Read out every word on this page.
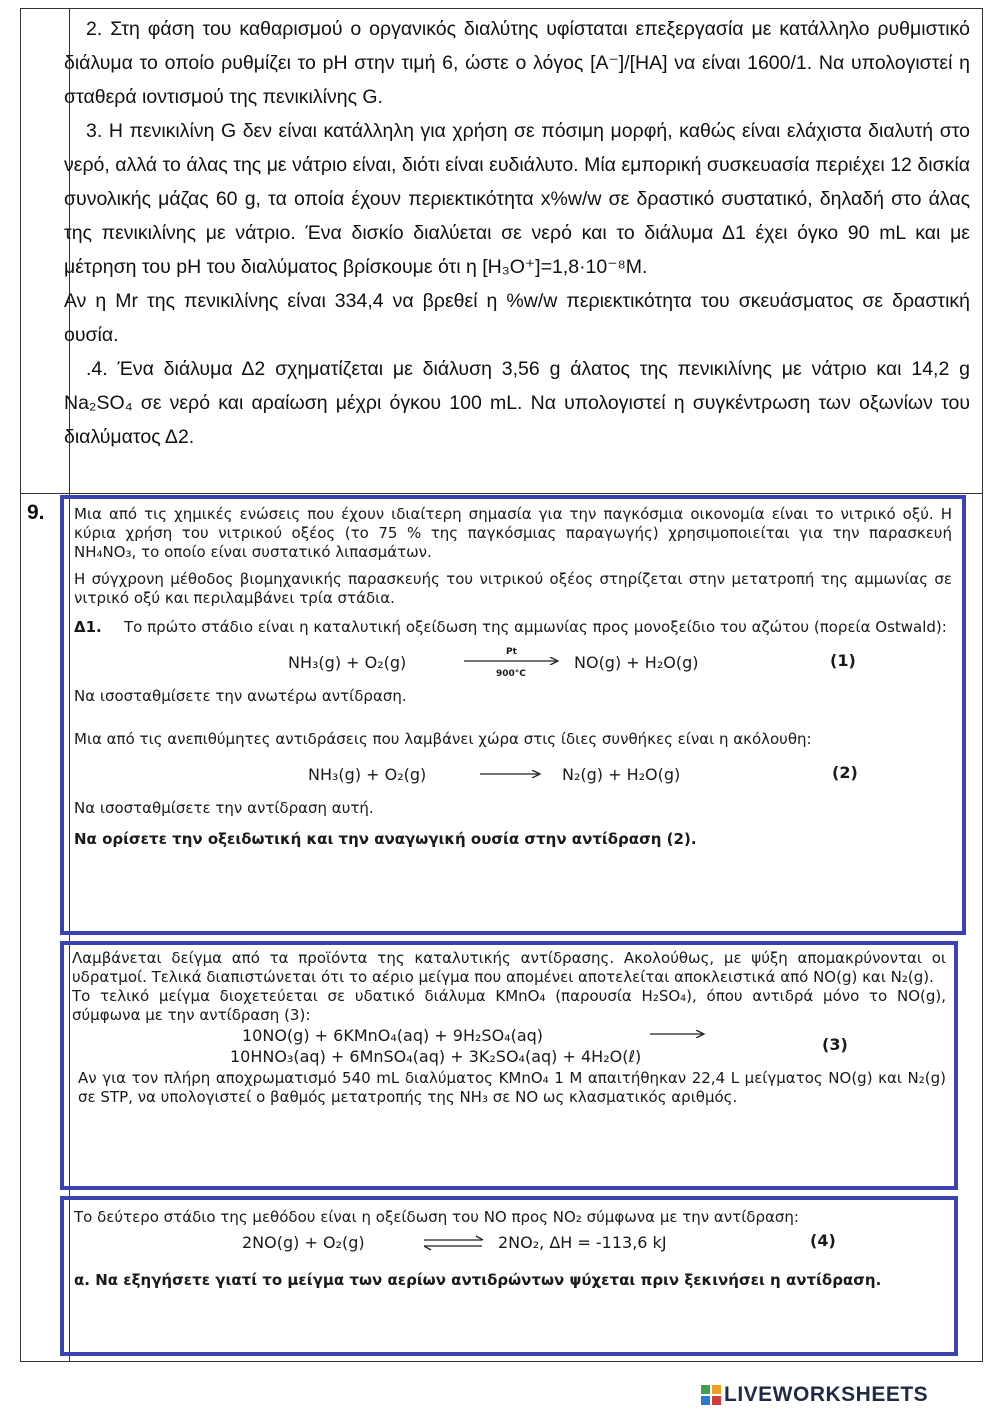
9.

2. Στη φάση του καθαρισμού ο οργανικός διαλύτης υφίσταται επεξεργασία με κατάλληλο ρυθμιστικό διάλυμα το οποίο ρυθμίζει το pH στην τιμή 6, ώστε ο λόγος [A⁻]/[HA] να είναι 1600/1. Να υπολογιστεί η σταθερά ιοντισμού της πενικιλίνης G.

3. Η πενικιλίνη G δεν είναι κατάλληλη για χρήση σε πόσιμη μορφή, καθώς είναι ελάχιστα διαλυτή στο νερό, αλλά το άλας της με νάτριο είναι, διότι είναι ευδιάλυτο. Μία εμπορική συσκευασία περιέχει 12 δισκία συνολικής μάζας 60 g, τα οποία έχουν περιεκτικότητα x%w/w σε δραστικό συστατικό, δηλαδή στο άλας της πενικιλίνης με νάτριο. Ένα δισκίο διαλύεται σε νερό και το διάλυμα Δ1 έχει όγκο 90 mL και με μέτρηση του pH του διαλύματος βρίσκουμε ότι η [H₃O⁺]=1,8·10⁻⁸M.

Αν η Mr της πενικιλίνης είναι 334,4 να βρεθεί η %w/w περιεκτικότητα του σκευάσματος σε δραστική ουσία.

.4. Ένα διάλυμα Δ2 σχηματίζεται με διάλυση 3,56 g άλατος της πενικιλίνης με νάτριο και 14,2 g Na₂SO₄ σε νερό και αραίωση μέχρι όγκου 100 mL. Να υπολογιστεί η συγκέντρωση των οξωνίων του διαλύματος Δ2.

Μια από τις χημικές ενώσεις που έχουν ιδιαίτερη σημασία για την παγκόσμια οικονομία είναι το νιτρικό οξύ. Η κύρια χρήση του νιτρικού οξέος (το 75 % της παγκόσμιας παραγωγής) χρησιμοποιείται για την παρασκευή NH₄NO₃, το οποίο είναι συστατικό λιπασμάτων.

Η σύγχρονη μέθοδος βιομηχανικής παρασκευής του νιτρικού οξέος στηρίζεται στην μετατροπή της αμμωνίας σε νιτρικό οξύ και περιλαμβάνει τρία στάδια.

Δ1.	Το πρώτο στάδιο είναι η καταλυτική οξείδωση της αμμωνίας προς μονοξείδιο του αζώτου (πορεία Ostwald):
NH₃(g) + O₂(g)
Pt
900°C
NO(g) + H₂O(g)	(1)

Να ισοσταθμίσετε την ανωτέρω αντίδραση.

Μια από τις ανεπιθύμητες αντιδράσεις που λαμβάνει χώρα στις ίδιες συνθήκες είναι η ακόλουθη:

NH₃(g) + O₂(g)	N₂(g) + H₂O(g)	(2)

Να ισοσταθμίσετε την αντίδραση αυτή.

Να ορίσετε την οξειδωτική και την αναγωγική ουσία στην αντίδραση (2).

Λαμβάνεται δείγμα από τα προϊόντα της καταλυτικής αντίδρασης. Ακολούθως, με ψύξη απομακρύνονται οι υδρατμοί. Τελικά διαπιστώνεται ότι το αέριο μείγμα που απομένει αποτελείται αποκλειστικά από NO(g) και N₂(g).

Το τελικό μείγμα διοχετεύεται σε υδατικό διάλυμα KMnO₄ (παρουσία H₂SO₄), όπου αντιδρά μόνο το NO(g), σύμφωνα με την αντίδραση (3):

10NO(g) + 6KMnO₄(aq) + 9H₂SO₄(aq)
10HNO₃(aq) + 6MnSO₄(aq) + 3K₂SO₄(aq) + 4H₂O(ℓ)
(3)

Αν για τον πλήρη αποχρωματισμό 540 mL διαλύματος KMnO₄ 1 M απαιτήθηκαν 22,4 L μείγματος NO(g) και N₂(g) σε STP, να υπολογιστεί ο βαθμός μετατροπής της NH₃ σε NO ως κλασματικός αριθμός.

Το δεύτερο στάδιο της μεθόδου είναι η οξείδωση του NO προς NO₂ σύμφωνα με την αντίδραση:

2NO(g) + O₂(g)	2NO₂, ΔH = -113,6 kJ	(4)

α. Να εξηγήσετε γιατί το μείγμα των αερίων αντιδρώντων ψύχεται πριν ξεκινήσει η αντίδραση.

LIVEWORKSHEETS
